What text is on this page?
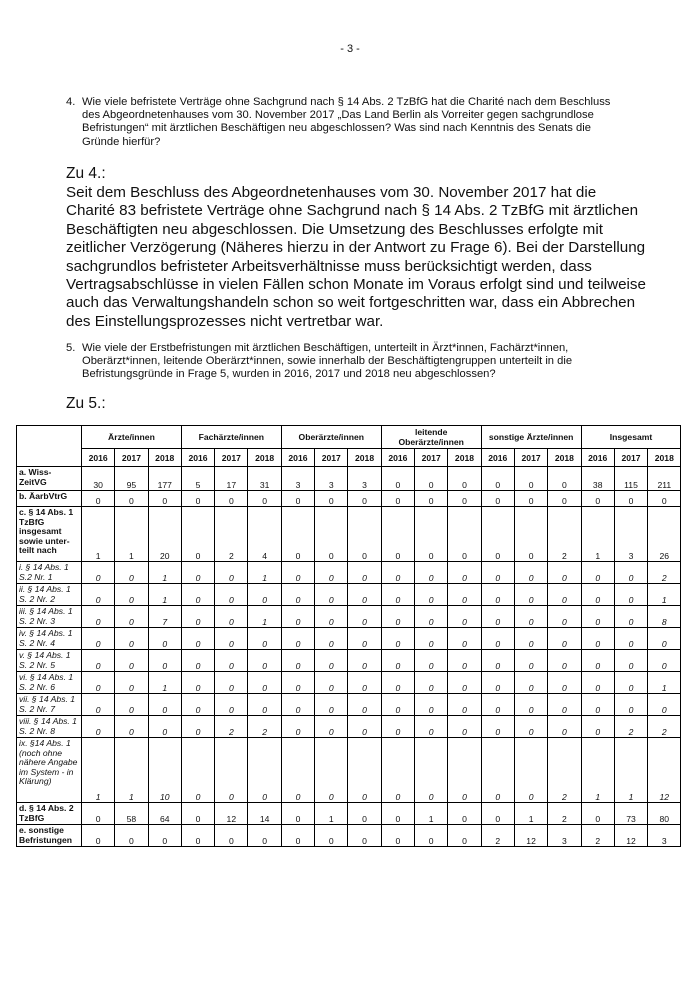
- 3 -
4. Wie viele befristete Verträge ohne Sachgrund nach § 14 Abs. 2 TzBfG hat die Charité nach dem Beschluss des Abgeordnetenhauses vom 30. November 2017 „Das Land Berlin als Vorreiter gegen sachgrundlose Befristungen“ mit ärztlichen Beschäftigen neu abgeschlossen? Was sind nach Kenntnis des Senats die Gründe hierfür?
Zu 4.:
Seit dem Beschluss des Abgeordnetenhauses vom 30. November 2017 hat die Charité 83 befristete Verträge ohne Sachgrund nach § 14 Abs. 2 TzBfG mit ärztlichen Beschäftigten neu abgeschlossen. Die Umsetzung des Beschlusses erfolgte mit zeitlicher Verzögerung (Näheres hierzu in der Antwort zu Frage 6). Bei der Darstellung sachgrundlos befristeter Arbeitsverhältnisse muss berücksichtigt werden, dass Vertragsabschlüsse in vielen Fällen schon Monate im Voraus erfolgt sind und teilweise auch das Verwaltungshandeln schon so weit fortgeschritten war, dass ein Abbrechen des Einstellungsprozesses nicht vertretbar war.
5. Wie viele der Erstbefristungen mit ärztlichen Beschäftigen, unterteilt in Ärzt*innen, Fachärzt*innen, Oberärzt*innen, leitende Oberärzt*innen, sowie innerhalb der Beschäftigtengruppen unterteilt in die Befristungsgründe in Frage 5, wurden in 2016, 2017 und 2018 neu abgeschlossen?
Zu 5.:
	Ärzte/innen			Fachärzte/innen			Oberärzte/innen			leitende Oberärzte/innen			sonstige Ärzte/innen			Insgesamt		
	2016	2017	2018	2016	2017	2018	2016	2017	2018	2016	2017	2018	2016	2017	2018	2016	2017	2018
a. Wiss-ZeitVG	30	95	177	5	17	31	3	3	3	0	0	0	0	0	0	38	115	211
b. ÄarbVtrG	0	0	0	0	0	0	0	0	0	0	0	0	0	0	0	0	0	0
c. § 14 Abs. 1 TzBfG insgesamt sowie unter-teilt nach	1	1	20	0	2	4	0	0	0	0	0	0	0	0	2	1	3	26
i. § 14 Abs. 1 S.2 Nr. 1	0	0	1	0	0	1	0	0	0	0	0	0	0	0	0	0	0	2
ii. § 14 Abs. 1 S. 2 Nr. 2	0	0	1	0	0	0	0	0	0	0	0	0	0	0	0	0	0	1
iii. § 14 Abs. 1 S. 2 Nr. 3	0	0	7	0	0	1	0	0	0	0	0	0	0	0	0	0	0	8
iv. § 14 Abs. 1 S. 2 Nr. 4	0	0	0	0	0	0	0	0	0	0	0	0	0	0	0	0	0	0
v. § 14 Abs. 1 S. 2 Nr. 5	0	0	0	0	0	0	0	0	0	0	0	0	0	0	0	0	0	0
vi. § 14 Abs. 1 S. 2 Nr. 6	0	0	1	0	0	0	0	0	0	0	0	0	0	0	0	0	0	1
vii. § 14 Abs. 1 S. 2 Nr. 7	0	0	0	0	0	0	0	0	0	0	0	0	0	0	0	0	0	0
viii. § 14 Abs. 1 S. 2 Nr. 8	0	0	0	0	2	2	0	0	0	0	0	0	0	0	0	0	2	2
ix. §14 Abs. 1 (noch ohne nähere Angabe im System - in Klärung)	1	1	10	0	0	0	0	0	0	0	0	0	0	0	2	1	1	12
d. § 14 Abs. 2 TzBfG	0	58	64	0	12	14	0	1	0	0	1	0	0	1	2	0	73	80
e. sonstige Befristungen	0	0	0	0	0	0	0	0	0	0	0	0	2	12	3	2	12	3
